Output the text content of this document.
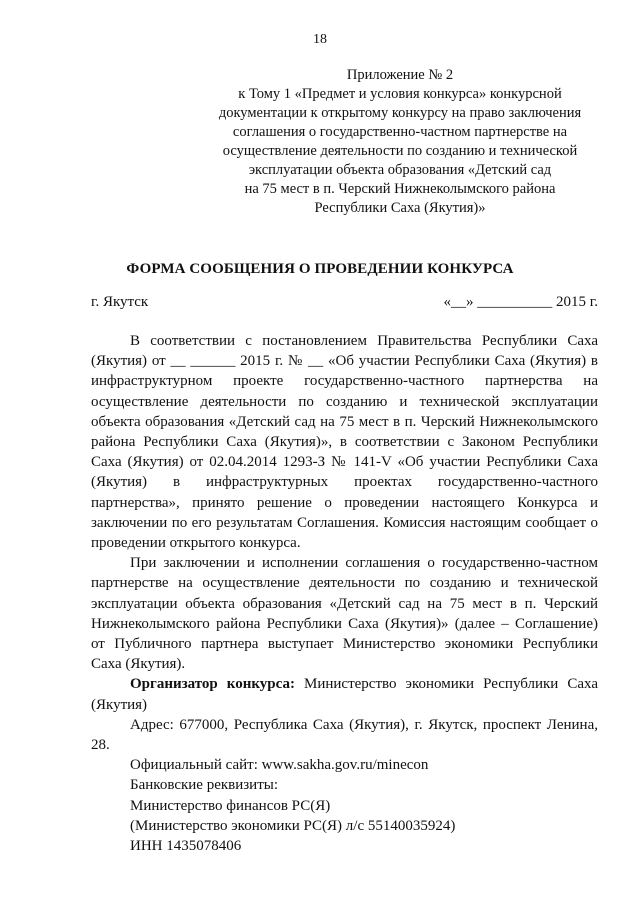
18
Приложение № 2
к Тому 1 «Предмет и условия конкурса» конкурсной
документации к открытому конкурсу на право заключения
соглашения о государственно-частном партнерстве на
осуществление деятельности по созданию и технической
эксплуатации объекта образования «Детский сад
на 75 мест в п. Черский Нижнеколымского района
Республики Саха (Якутия)»
ФОРМА СООБЩЕНИЯ О ПРОВЕДЕНИИ КОНКУРСА
г. Якутск	«__» __________ 2015 г.

В соответствии с постановлением Правительства Республики Саха (Якутия) от __ ______ 2015 г. № __ «Об участии Республики Саха (Якутия) в инфраструктурном проекте государственно-частного партнерства на осуществление деятельности по созданию и технической эксплуатации объекта образования «Детский сад на 75 мест в п. Черский Нижнеколымского района Республики Саха (Якутия)», в соответствии с Законом Республики Саха (Якутия) от 02.04.2014 1293-З № 141-V «Об участии Республики Саха (Якутия) в инфраструктурных проектах государственно-частного партнерства», принято решение о проведении настоящего Конкурса и заключении по его результатам Соглашения. Комиссия настоящим сообщает о проведении открытого конкурса.

При заключении и исполнении соглашения о государственно-частном партнерстве на осуществление деятельности по созданию и технической эксплуатации объекта образования «Детский сад на 75 мест в п. Черский Нижнеколымского района Республики Саха (Якутия)» (далее – Соглашение) от Публичного партнера выступает Министерство экономики Республики Саха (Якутия).

Организатор конкурса: Министерство экономики Республики Саха (Якутия)

Адрес: 677000, Республика Саха (Якутия), г. Якутск, проспект Ленина, 28.

Официальный сайт: www.sakha.gov.ru/minecon

Банковские реквизиты:

Министерство финансов РС(Я)

(Министерство экономики РС(Я) л/с 55140035924)

ИНН 1435078406
